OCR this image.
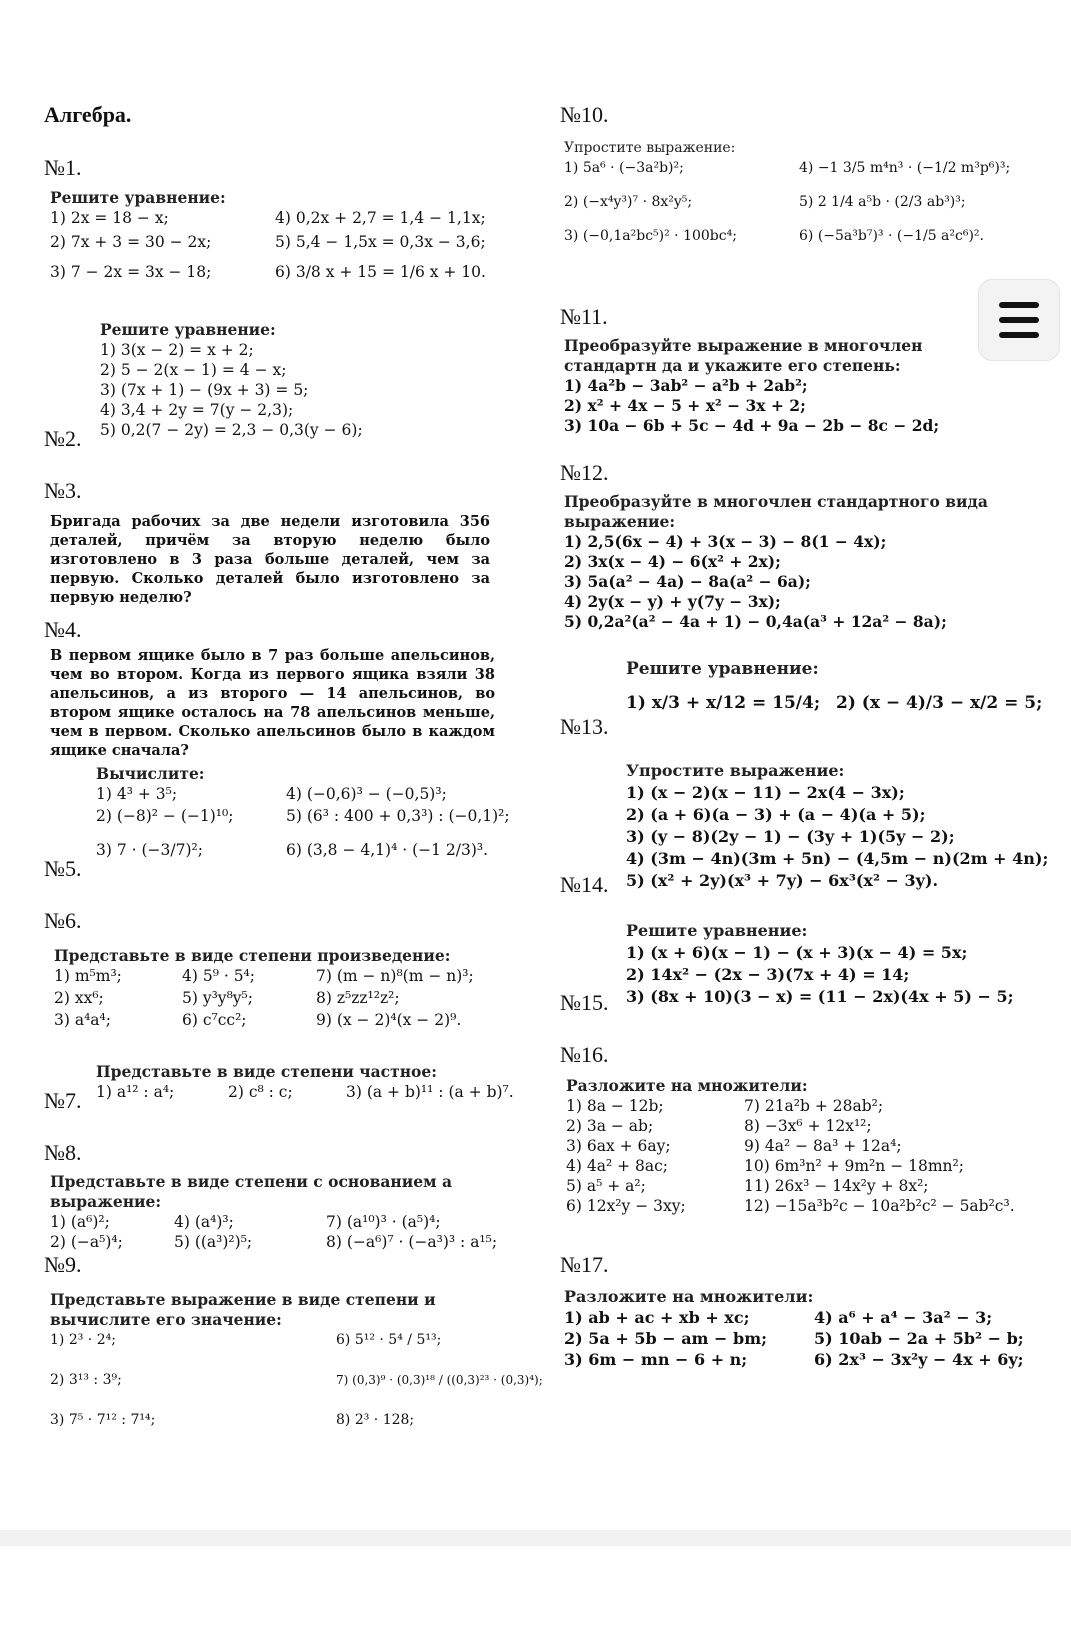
Алгебра.
№1.
Решите уравнение:
1) 2x = 18 − x;	4) 0,2x + 2,7 = 1,4 − 1,1x;
2) 7x + 3 = 30 − 2x;	5) 5,4 − 1,5x = 0,3x − 3,6;
3) 7 − 2x = 3x − 18;	6) 3/8 x + 15 = 1/6 x + 10.
Решите уравнение:
1) 3(x − 2) = x + 2;
2) 5 − 2(x − 1) = 4 − x;
3) (7x + 1) − (9x + 3) = 5;
4) 3,4 + 2y = 7(y − 2,3);
5) 0,2(7 − 2y) = 2,3 − 0,3(y − 6);
№2.
№3.
Бригада рабочих за две недели изготовила 356 деталей, причём за вторую неделю было изготовлено в 3 раза больше деталей, чем за первую. Сколько деталей было изготовлено за первую неделю?
№4.
В первом ящике было в 7 раз больше апельсинов, чем во втором. Когда из первого ящика взяли 38 апельсинов, а из второго — 14 апельсинов, во втором ящике осталось на 78 апельсинов меньше, чем в первом. Сколько апельсинов было в каждом ящике сначала?
Вычислите:
1) 4³ + 3⁵;	4) (−0,6)³ − (−0,5)³;
2) (−8)² − (−1)¹⁰;	5) (6³ : 400 + 0,3³) : (−0,1)²;
3) 7 · (−3/7)²;	6) (3,8 − 4,1)⁴ · (−1 2/3)³.
№5.
№6.
Представьте в виде степени произведение:
1) m⁵m³;	4) 5⁹ · 5⁴;	7) (m − n)⁸(m − n)³;
2) xx⁶;	5) y³y⁸y⁵;	8) z⁵zz¹²z²;
3) a⁴a⁴;	6) c⁷cc²;	9) (x − 2)⁴(x − 2)⁹.
Представьте в виде степени частное:
1) a¹² : a⁴;	2) c⁸ : c;	3) (a + b)¹¹ : (a + b)⁷.
№7.
№8.
Представьте в виде степени с основанием a выражение:
1) (a⁶)²;	4) (a⁴)³;	7) (a¹⁰)³ · (a⁵)⁴;
2) (−a⁵)⁴;	5) ((a³)²)⁵;	8) (−a⁶)⁷ · (−a³)³ : a¹⁵;
№9.
Представьте выражение в виде степени и вычислите его значение:
1) 2³ · 2⁴;	6) 5¹² · 5⁴ / 5¹³;
2) 3¹³ : 3⁹;	7) (0,3)⁹ · (0,3)¹⁸ / ((0,3)²³ · (0,3)⁴);
3) 7⁵ · 7¹² : 7¹⁴;	8) 2³ · 128;
№10.
Упростите выражение:
1) 5a⁶ · (−3a²b)²;	4) −1 3/5 m⁴n³ · (−1/2 m³p⁶)³;
2) (−x⁴y³)⁷ · 8x²y⁵;	5) 2 1/4 a⁵b · (2/3 ab³)³;
3) (−0,1a²bc⁵)² · 100bc⁴;	6) (−5a³b⁷)³ · (−1/5 a²c⁶)².
№11.
Преобразуйте выражение в многочлен стандартн да и укажите его степень:
1) 4a²b − 3ab² − a²b + 2ab²;
2) x² + 4x − 5 + x² − 3x + 2;
3) 10a − 6b + 5c − 4d + 9a − 2b − 8c − 2d;
№12.
Преобразуйте в многочлен стандартного вида выражение:
1) 2,5(6x − 4) + 3(x − 3) − 8(1 − 4x);
2) 3x(x − 4) − 6(x² + 2x);
3) 5a(a² − 4a) − 8a(a² − 6a);
4) 2y(x − y) + y(7y − 3x);
5) 0,2a²(a² − 4a + 1) − 0,4a(a³ + 12a² − 8a);
Решите уравнение:
1) x/3 + x/12 = 15/4; 2) (x − 4)/3 − x/2 = 5;
№13.
Упростите выражение:
1) (x − 2)(x − 11) − 2x(4 − 3x);
2) (a + 6)(a − 3) + (a − 4)(a + 5);
3) (y − 8)(2y − 1) − (3y + 1)(5y − 2);
4) (3m − 4n)(3m + 5n) − (4,5m − n)(2m + 4n);
5) (x² + 2y)(x³ + 7y) − 6x³(x² − 3y).
№14.
Решите уравнение:
1) (x + 6)(x − 1) − (x + 3)(x − 4) = 5x;
2) 14x² − (2x − 3)(7x + 4) = 14;
3) (8x + 10)(3 − x) = (11 − 2x)(4x + 5) − 5;
№15.
№16.
Разложите на множители:
1) 8a − 12b;	7) 21a²b + 28ab²;
2) 3a − ab;	8) −3x⁶ + 12x¹²;
3) 6ax + 6ay;	9) 4a² − 8a³ + 12a⁴;
4) 4a² + 8ac;	10) 6m³n² + 9m²n − 18mn²;
5) a⁵ + a²;	11) 26x³ − 14x²y + 8x²;
6) 12x²y − 3xy;	12) −15a³b²c − 10a²b²c² − 5ab²c³.
№17.
Разложите на множители:
1) ab + ac + xb + xc;	4) a⁶ + a⁴ − 3a² − 3;
2) 5a + 5b − am − bm;	5) 10ab − 2a + 5b² − b;
3) 6m − mn − 6 + n;	6) 2x³ − 3x²y − 4x + 6y;
